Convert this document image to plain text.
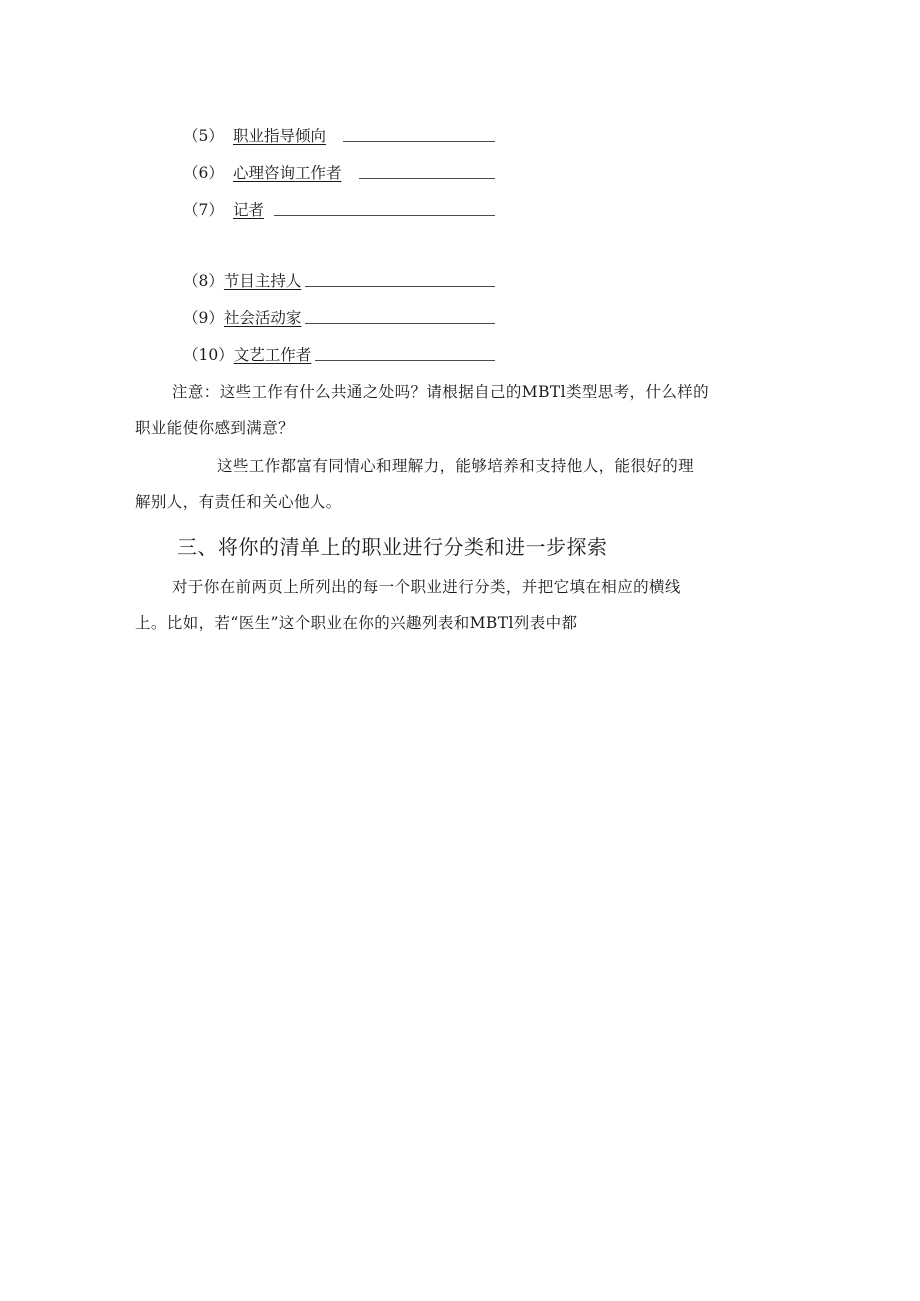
（5） 职业指导倾向
（6） 心理咨询工作者
（7） 记者
（8）节目主持人
（9）社会活动家
（10）文艺工作者
注意：这些工作有什么共通之处吗？请根据自己的MBTl类型思考，什么样的
职业能使你感到满意？
这些工作都富有同情心和理解力，能够培养和支持他人，能很好的理
解别人，有责任和关心他人。
三、将你的清单上的职业进行分类和进一步探索
对于你在前两页上所列出的每一个职业进行分类，并把它填在相应的横线
上。比如，若“医生”这个职业在你的兴趣列表和MBTl列表中都
